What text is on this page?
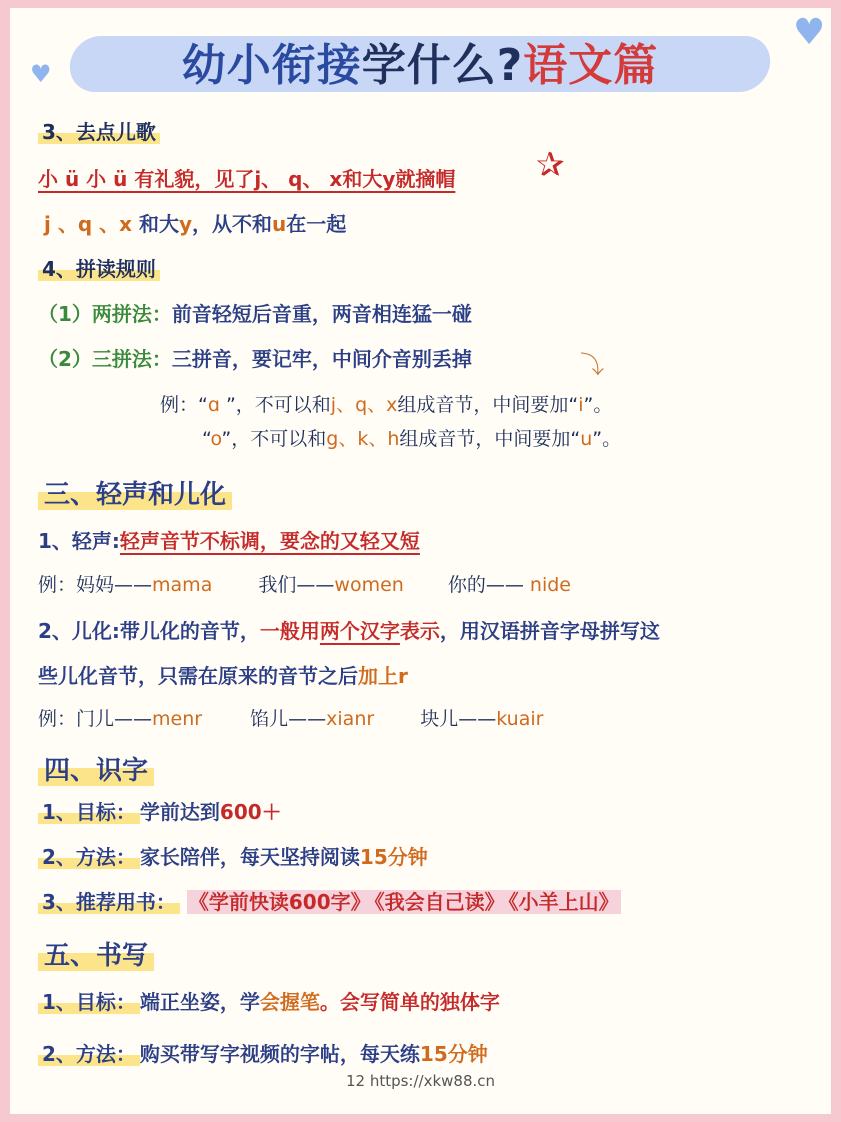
♥
♥	幼小衔接学什么?语文篇
3、去点儿歌
小 ü 小 ü 有礼貌，见了j、 q、 x和大y就摘帽 ✰
j 、q 、x 和大y，从不和u在一起
4、拼读规则
（1）两拼法：前音轻短后音重，两音相连猛一碰
（2）三拼法：三拼音，要记牢，中间介音别丢掉	⤵
例：“ɑ ”，不可以和j、q、x组成音节，中间要加“i”。
“o”，不可以和g、k、h组成音节，中间要加“u”。
三、轻声和儿化
1、轻声:轻声音节不标调，要念的又轻又短
例：妈妈——mama 我们——women 你的—— nide
2、儿化:带儿化的音节，一般用两个汉字表示，用汉语拼音字母拼写这
些儿化音节，只需在原来的音节之后加上r
例：门儿——menr	馅儿——xianr 块儿——kuair
四、识字
1、目标： 学前达到600＋
2、方法： 家长陪伴，每天坚持阅读15分钟
3、推荐用书： 《学前快读600字》 《我会自己读》 《小羊上山》
五、书写
1、目标： 端正坐姿，学会握笔。会写简单的独体字
2、方法： 购买带写字视频的字帖，每天练15分钟
12 https://xkw88.cn
